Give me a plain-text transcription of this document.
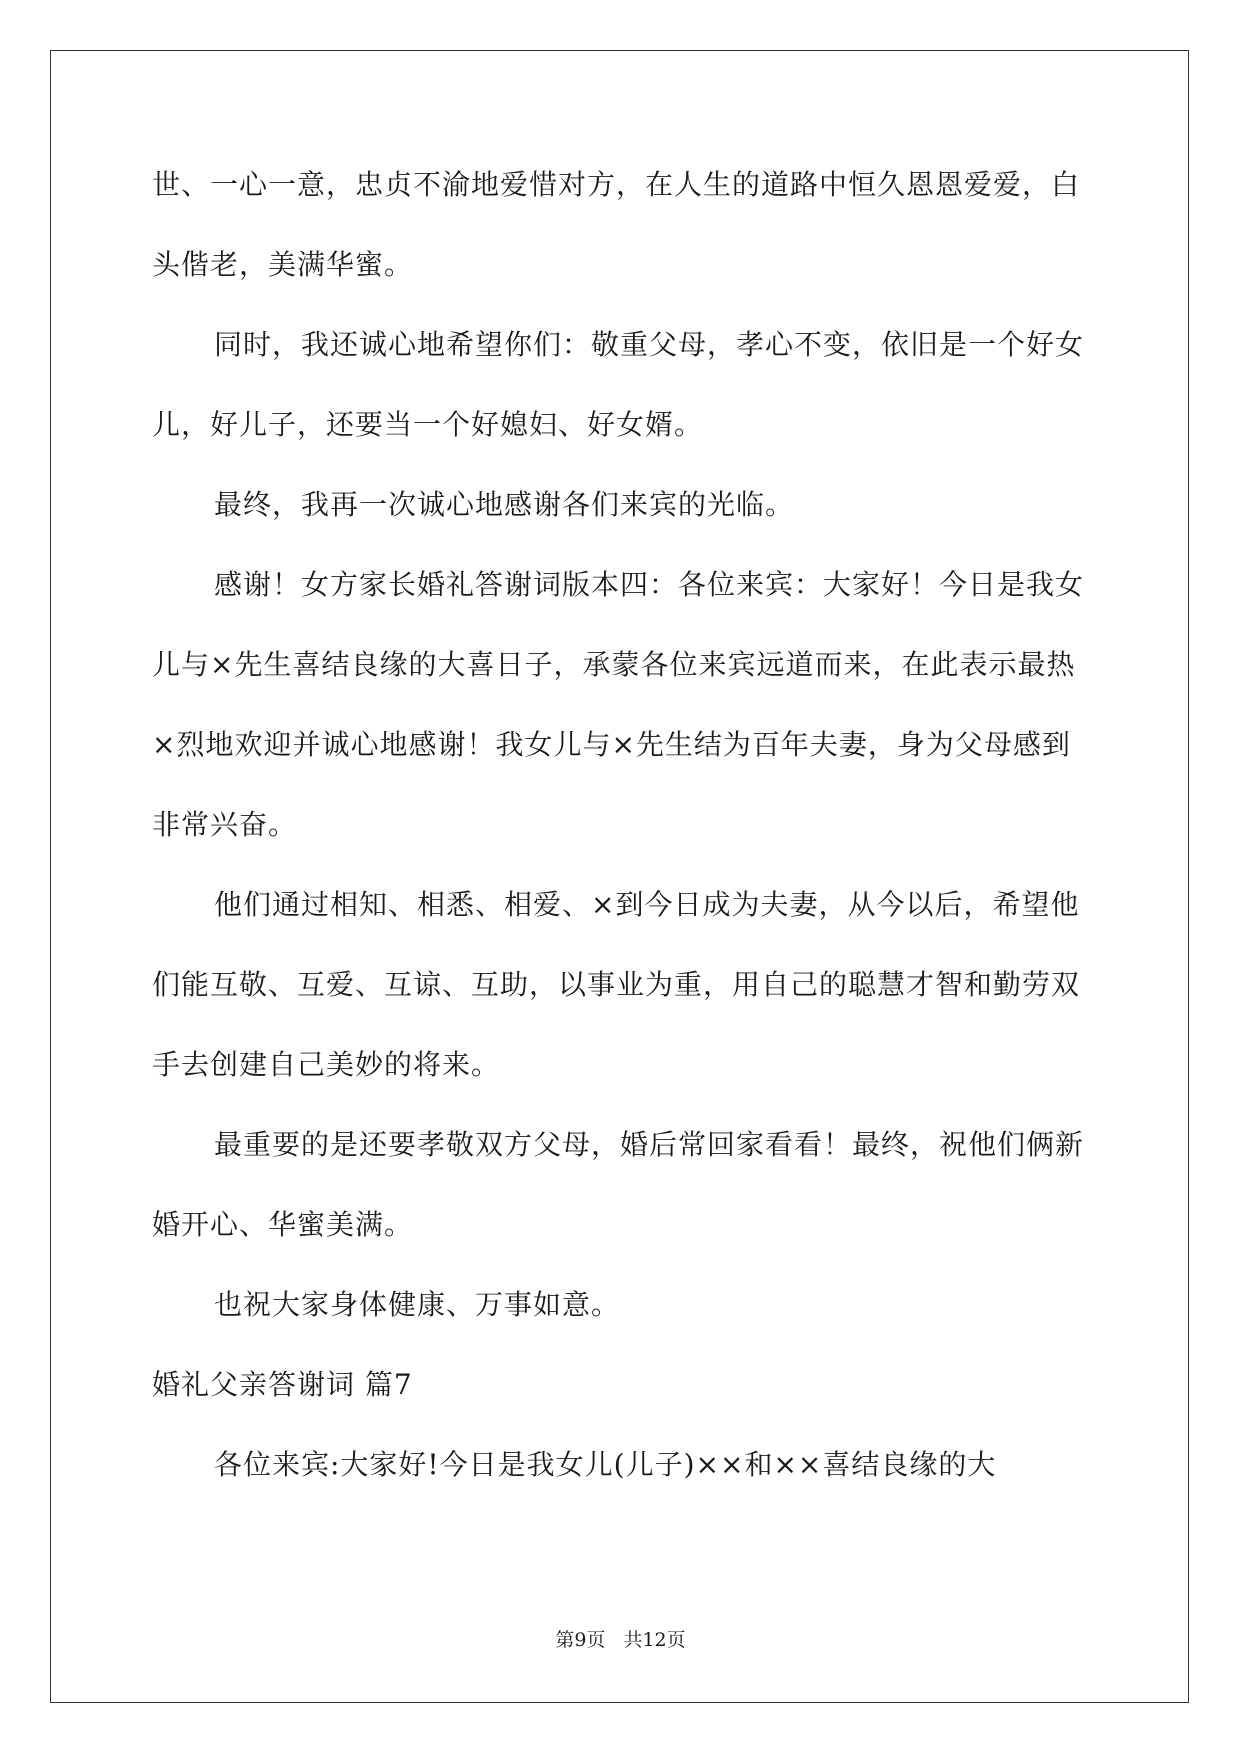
世、一心一意，忠贞不渝地爱惜对方，在人生的道路中恒久恩恩爱爱，白头偕老，美满华蜜。

同时，我还诚心地希望你们：敬重父母，孝心不变，依旧是一个好女儿，好儿子，还要当一个好媳妇、好女婿。

最终，我再一次诚心地感谢各们来宾的光临。

感谢！女方家长婚礼答谢词版本四：各位来宾：大家好！今日是我女儿与×先生喜结良缘的大喜日子，承蒙各位来宾远道而来，在此表示最热×烈地欢迎并诚心地感谢！我女儿与×先生结为百年夫妻，身为父母感到非常兴奋。

他们通过相知、相悉、相爱、×到今日成为夫妻，从今以后，希望他们能互敬、互爱、互谅、互助，以事业为重，用自己的聪慧才智和勤劳双手去创建自己美妙的将来。

最重要的是还要孝敬双方父母，婚后常回家看看！最终，祝他们俩新婚开心、华蜜美满。

也祝大家身体健康、万事如意。

婚礼父亲答谢词 篇7

各位来宾:大家好!今日是我女儿(儿子)××和××喜结良缘的大

第9页 共12页
